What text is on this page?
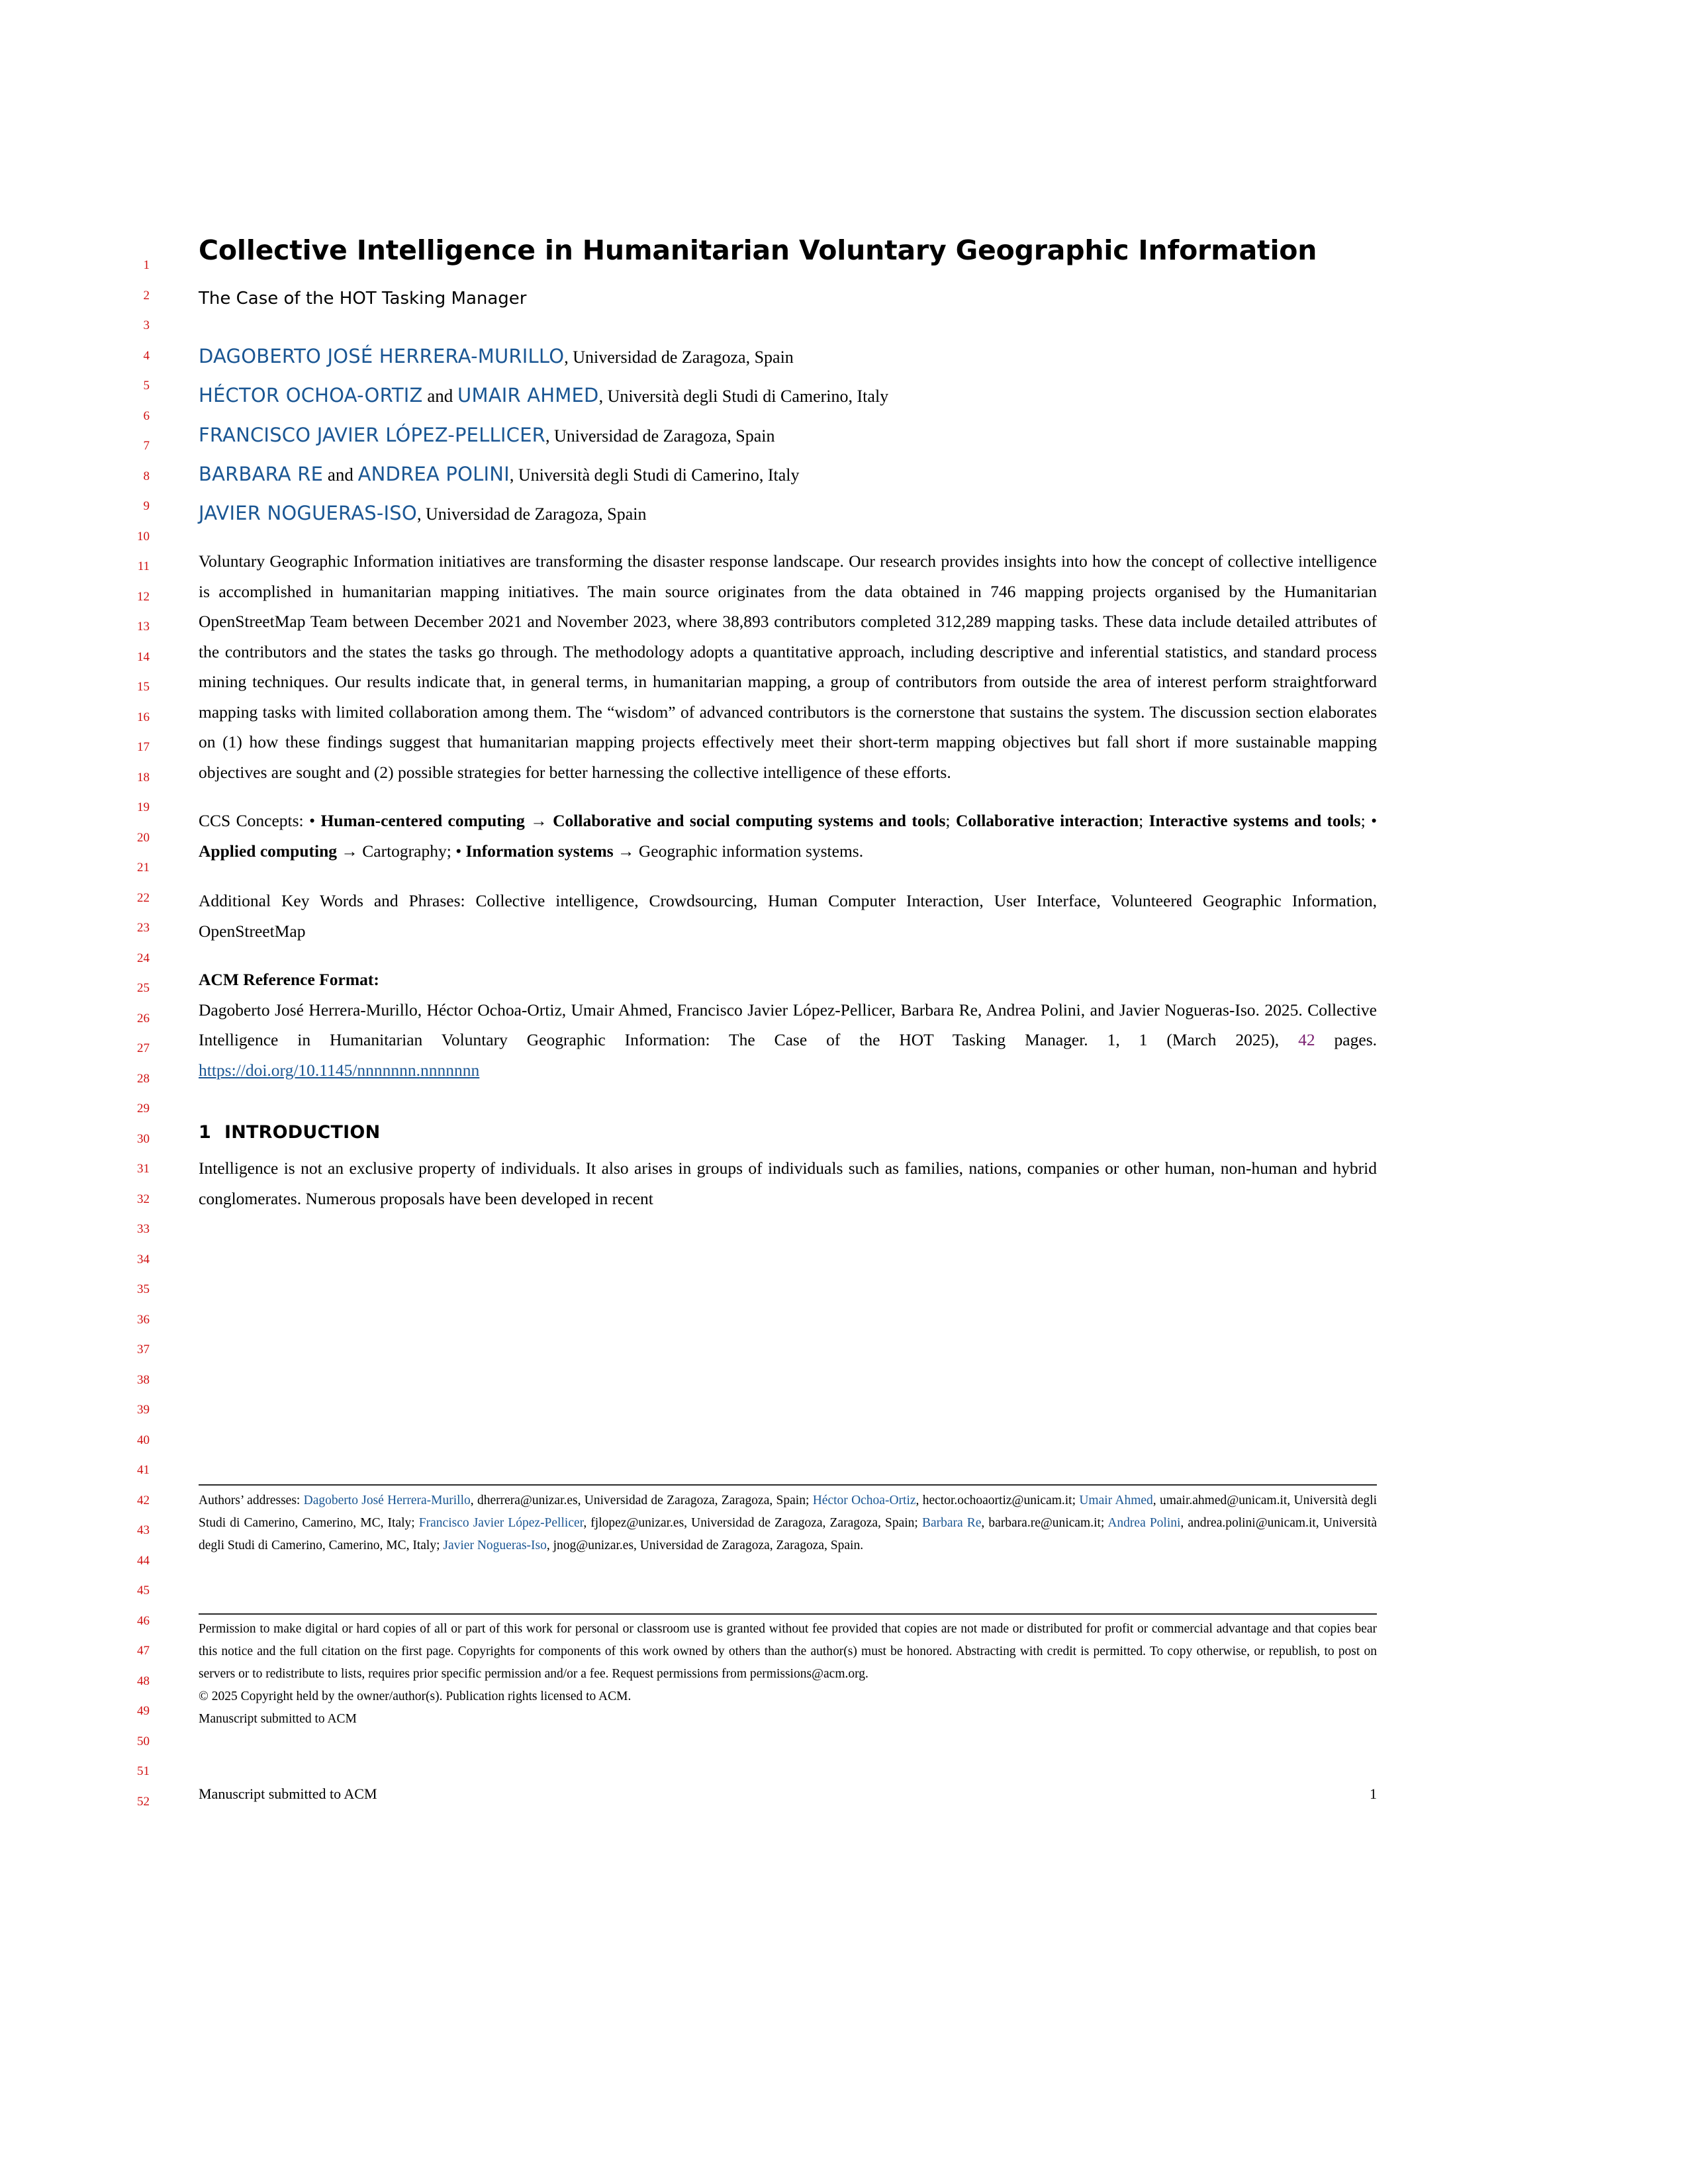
1
2
3
4
5
6
7
8
9
10
11
12
13
14
15
16
17
18
19
20
21
22
23
24
25
26
27
28
29
30
31
32
33
34
35
36
37
38
39
40
41
42
43
44
45
46
47
48
49
50
51
52
Collective Intelligence in Humanitarian Voluntary Geographic Information
The Case of the HOT Tasking Manager
DAGOBERTO JOSÉ HERRERA-MURILLO, Universidad de Zaragoza, Spain
HÉCTOR OCHOA-ORTIZ and UMAIR AHMED, Università degli Studi di Camerino, Italy
FRANCISCO JAVIER LÓPEZ-PELLICER, Universidad de Zaragoza, Spain
BARBARA RE and ANDREA POLINI, Università degli Studi di Camerino, Italy
JAVIER NOGUERAS-ISO, Universidad de Zaragoza, Spain

Voluntary Geographic Information initiatives are transforming the disaster response landscape. Our research provides insights into how the concept of collective intelligence is accomplished in humanitarian mapping initiatives. The main source originates from the data obtained in 746 mapping projects organised by the Humanitarian OpenStreetMap Team between December 2021 and November 2023, where 38,893 contributors completed 312,289 mapping tasks. These data include detailed attributes of the contributors and the states the tasks go through. The methodology adopts a quantitative approach, including descriptive and inferential statistics, and standard process mining techniques. Our results indicate that, in general terms, in humanitarian mapping, a group of contributors from outside the area of interest perform straightforward mapping tasks with limited collaboration among them. The “wisdom” of advanced contributors is the cornerstone that sustains the system. The discussion section elaborates on (1) how these findings suggest that humanitarian mapping projects effectively meet their short-term mapping objectives but fall short if more sustainable mapping objectives are sought and (2) possible strategies for better harnessing the collective intelligence of these efforts.

CCS Concepts: • Human-centered computing → Collaborative and social computing systems and tools; Collaborative interaction; Interactive systems and tools; • Applied computing → Cartography; • Information systems → Geographic information systems.

Additional Key Words and Phrases: Collective intelligence, Crowdsourcing, Human Computer Interaction, User Interface, Volunteered Geographic Information, OpenStreetMap

ACM Reference Format:

Dagoberto José Herrera-Murillo, Héctor Ochoa-Ortiz, Umair Ahmed, Francisco Javier López-Pellicer, Barbara Re, Andrea Polini, and Javier Nogueras-Iso. 2025. Collective Intelligence in Humanitarian Voluntary Geographic Information: The Case of the HOT Tasking Manager. 1, 1 (March 2025), 42 pages. https://doi.org/10.1145/nnnnnnn.nnnnnnn

1 INTRODUCTION

Intelligence is not an exclusive property of individuals. It also arises in groups of individuals such as families, nations, companies or other human, non-human and hybrid conglomerates. Numerous proposals have been developed in recent

Authors’ addresses: Dagoberto José Herrera-Murillo, dherrera@unizar.es, Universidad de Zaragoza, Zaragoza, Spain; Héctor Ochoa-Ortiz, hector.ochoaortiz@unicam.it; Umair Ahmed, umair.ahmed@unicam.it, Università degli Studi di Camerino, Camerino, MC, Italy; Francisco Javier López-Pellicer, fjlopez@unizar.es, Universidad de Zaragoza, Zaragoza, Spain; Barbara Re, barbara.re@unicam.it; Andrea Polini, andrea.polini@unicam.it, Università degli Studi di Camerino, Camerino, MC, Italy; Javier Nogueras-Iso, jnog@unizar.es, Universidad de Zaragoza, Zaragoza, Spain.

Permission to make digital or hard copies of all or part of this work for personal or classroom use is granted without fee provided that copies are not made or distributed for profit or commercial advantage and that copies bear this notice and the full citation on the first page. Copyrights for components of this work owned by others than the author(s) must be honored. Abstracting with credit is permitted. To copy otherwise, or republish, to post on servers or to redistribute to lists, requires prior specific permission and/or a fee. Request permissions from permissions@acm.org.

© 2025 Copyright held by the owner/author(s). Publication rights licensed to ACM.

Manuscript submitted to ACM

Manuscript submitted to ACM	1
